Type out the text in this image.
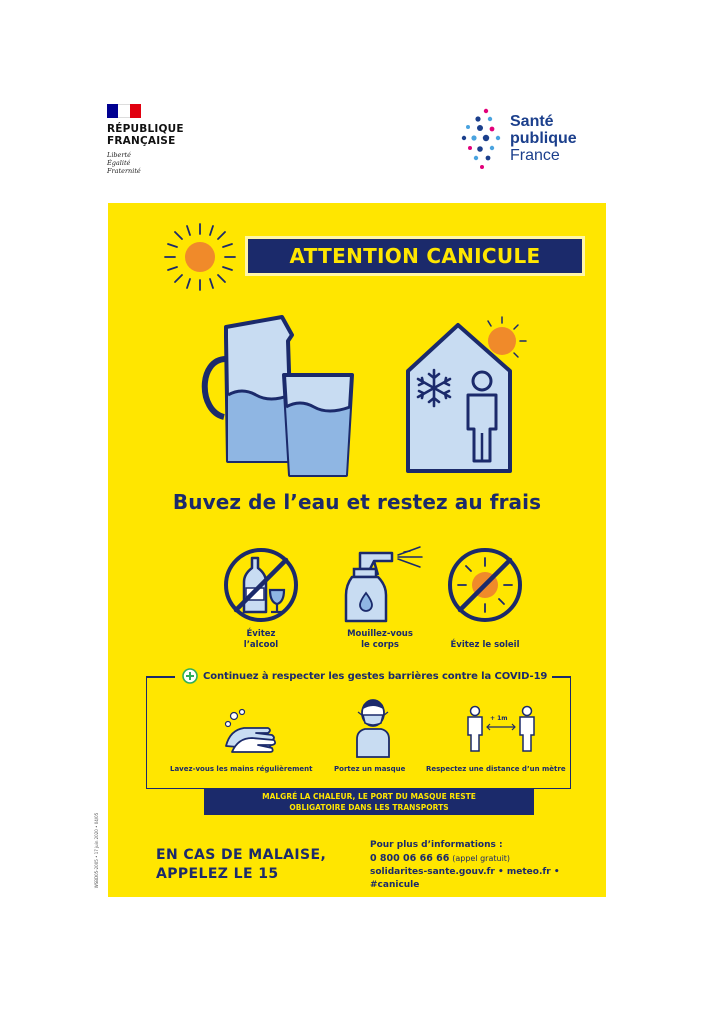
RÉPUBLIQUE
FRANÇAISE
Liberté
Égalité
Fraternité
Santé
publique
France
ATTENTION CANICULE
Buvez de l’eau et restez au frais
Évitez
l’alcool
Mouillez-vous
le corps	Évitez le soleil
Continuez à respecter les gestes barrières contre la COVID-19
+ 1m
Lavez-vous les mains régulièrement	Portez un masque	Respectez une distance d’un mètre
MALGRÉ LA CHALEUR, LE PORT DU MASQUE RESTE
OBLIGATOIRE DANS LES TRANSPORTS
EN CAS DE MALAISE,
APPELEZ LE 15
Pour plus d’informations :
0 800 06 66 66 (appel gratuit)
solidarites-sante.gouv.fr • meteo.fr • #canicule
WSBD05-2005 • 17 juin 2020 • 04/05
